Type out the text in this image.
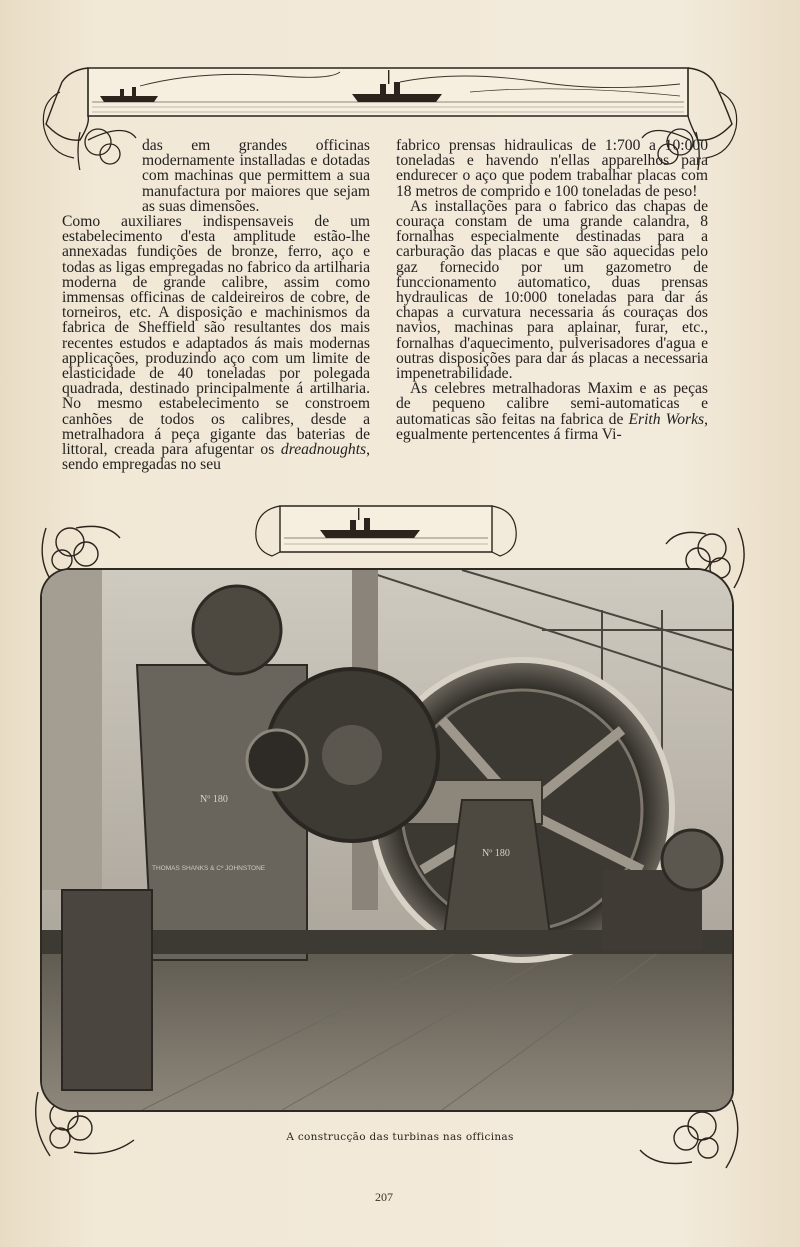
das em grandes officinas modernamente installadas e dotadas com machinas que permittem a sua manufactura por maiores que sejam as suas dimensões.

Como auxiliares indispensaveis de um estabelecimento d'esta amplitude estão-lhe annexadas fundições de bronze, ferro, aço e todas as ligas empregadas no fabrico da artilharia moderna de grande calibre, assim como immensas officinas de caldeireiros de cobre, de torneiros, etc. A disposição e machinismos da fabrica de Sheffield são resultantes dos mais recentes estudos e adaptados ás mais modernas applicações, produzindo aço com um limite de elasticidade de 40 toneladas por polegada quadrada, destinado principalmente á artilharia. No mesmo estabelecimento se constroem canhões de todos os calibres, desde a metralhadora á peça gigante das baterias de littoral, creada para afugentar os dreadnoughts, sendo empregadas no seu

fabrico prensas hidraulicas de 1:700 a 10:000 toneladas e havendo n'ellas apparelhos para endurecer o aço que podem trabalhar placas com 18 metros de comprido e 100 toneladas de peso!

As installações para o fabrico das chapas de couraça constam de uma grande calandra, 8 fornalhas especialmente destinadas para a carburação das placas e que são aquecidas pelo gaz fornecido por um gazometro de funccionamento automatico, duas prensas hydraulicas de 10:000 toneladas para dar ás chapas a curvatura necessaria ás couraças dos navios, machinas para aplainar, furar, etc., fornalhas d'aquecimento, pulverisadores d'agua e outras disposições para dar ás placas a necessaria impenetrabilidade.

As celebres metralhadoras Maxim e as peças de pequeno calibre semi-automaticas e automaticas são feitas na fabrica de Erith Works, egualmente pertencentes á firma Vi-

Nº 180
Nº 180
THOMAS SHANKS & Cº JOHNSTONE
A construcção das turbinas nas officinas
207
